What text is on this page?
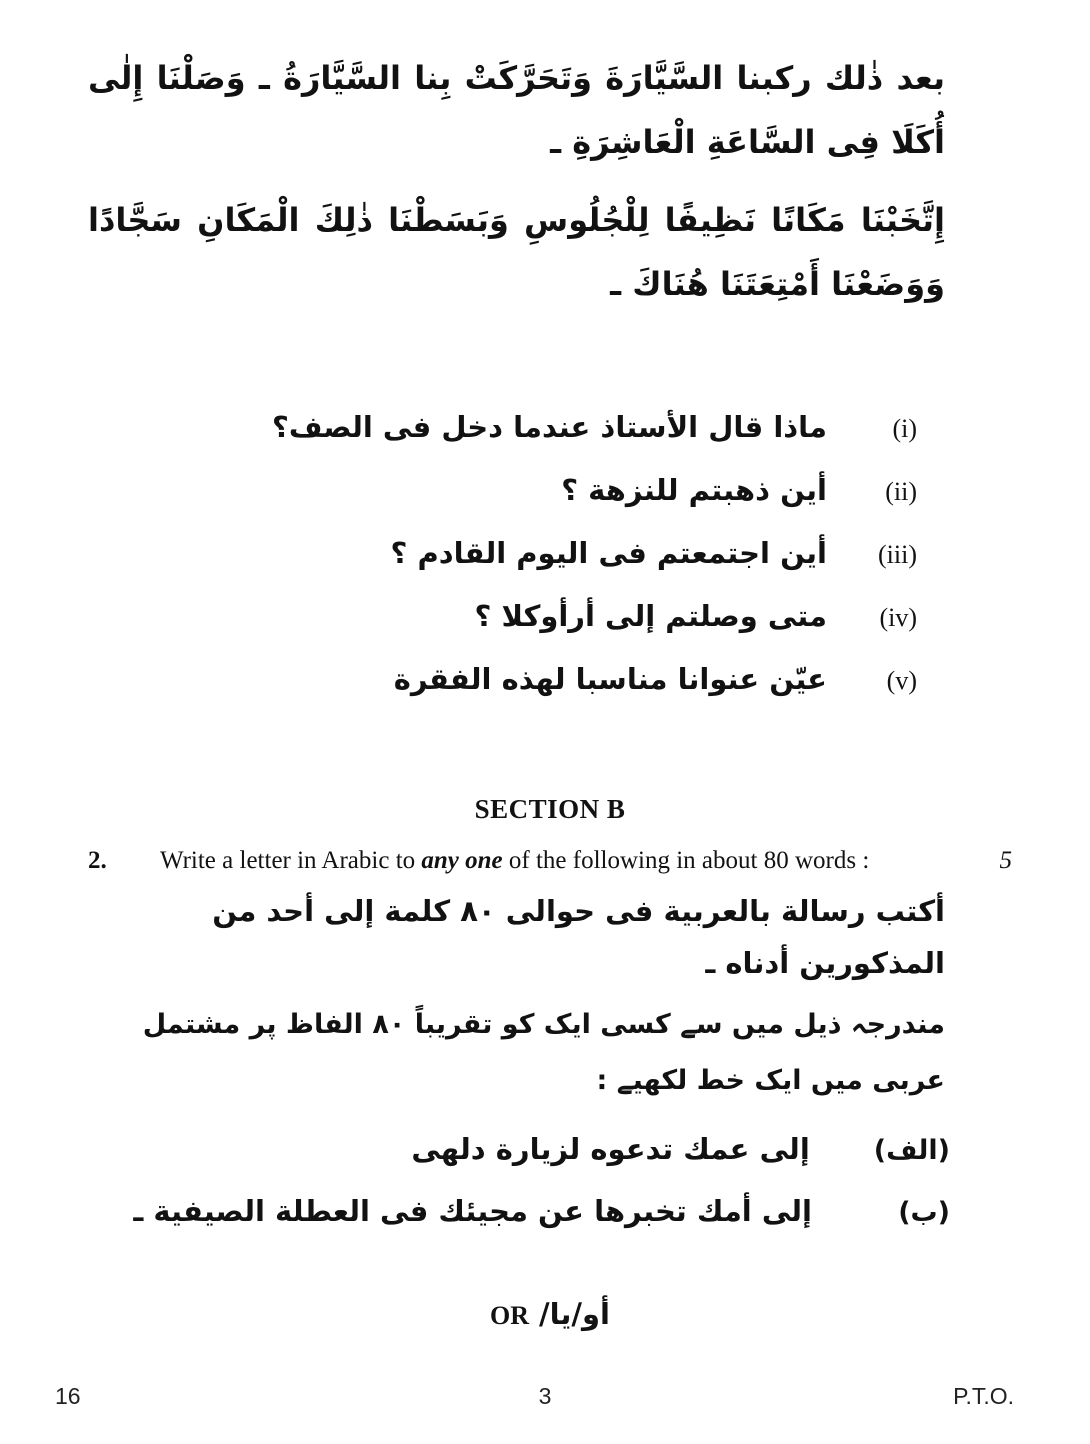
بعد ذٰلك ركبنا السَّيَّارَةَ وَتَحَرَّكَتْ بِنا السَّيَّارَةُ ـ وَصَلْنَا إِلٰى أُكَلَا فِى السَّاعَةِ الْعَاشِرَةِ ـ

إِتَّخَبْنَا مَكَانًا نَظِيفًا لِلْجُلُوسِ وَبَسَطْنَا ذٰلِكَ الْمَكَانِ سَجَّادًا وَوَضَعْنَا أَمْتِعَتَنَا هُنَاكَ ـ

(i)
ماذا قال الأستاذ عندما دخل فى الصف؟
(ii)
أين ذهبتم للنزهة ؟
(iii)
أين اجتمعتم فى اليوم القادم ؟
(iv)
متى وصلتم إلى أرأوكلا ؟
(v)
عيّن عنوانا مناسبا لهذه الفقرة
SECTION B
2.	Write a letter in Arabic to any one of the following in about 80 words :	5
أكتب رسالة بالعربية فى حوالى ٨٠ كلمة إلى أحد من المذكورين أدناه ـ
مندرجہ ذیل میں سے کسی ایک کو تقریباً ٨٠ الفاظ پر مشتمل عربی میں ایک خط لکھیے :
(الف)
إلى عمك تدعوه لزيارة دلهى
(ب)
إلى أمك تخبرها عن مجيئك فى العطلة الصيفية ـ
أو/يا/
OR
16	3	P.T.O.
